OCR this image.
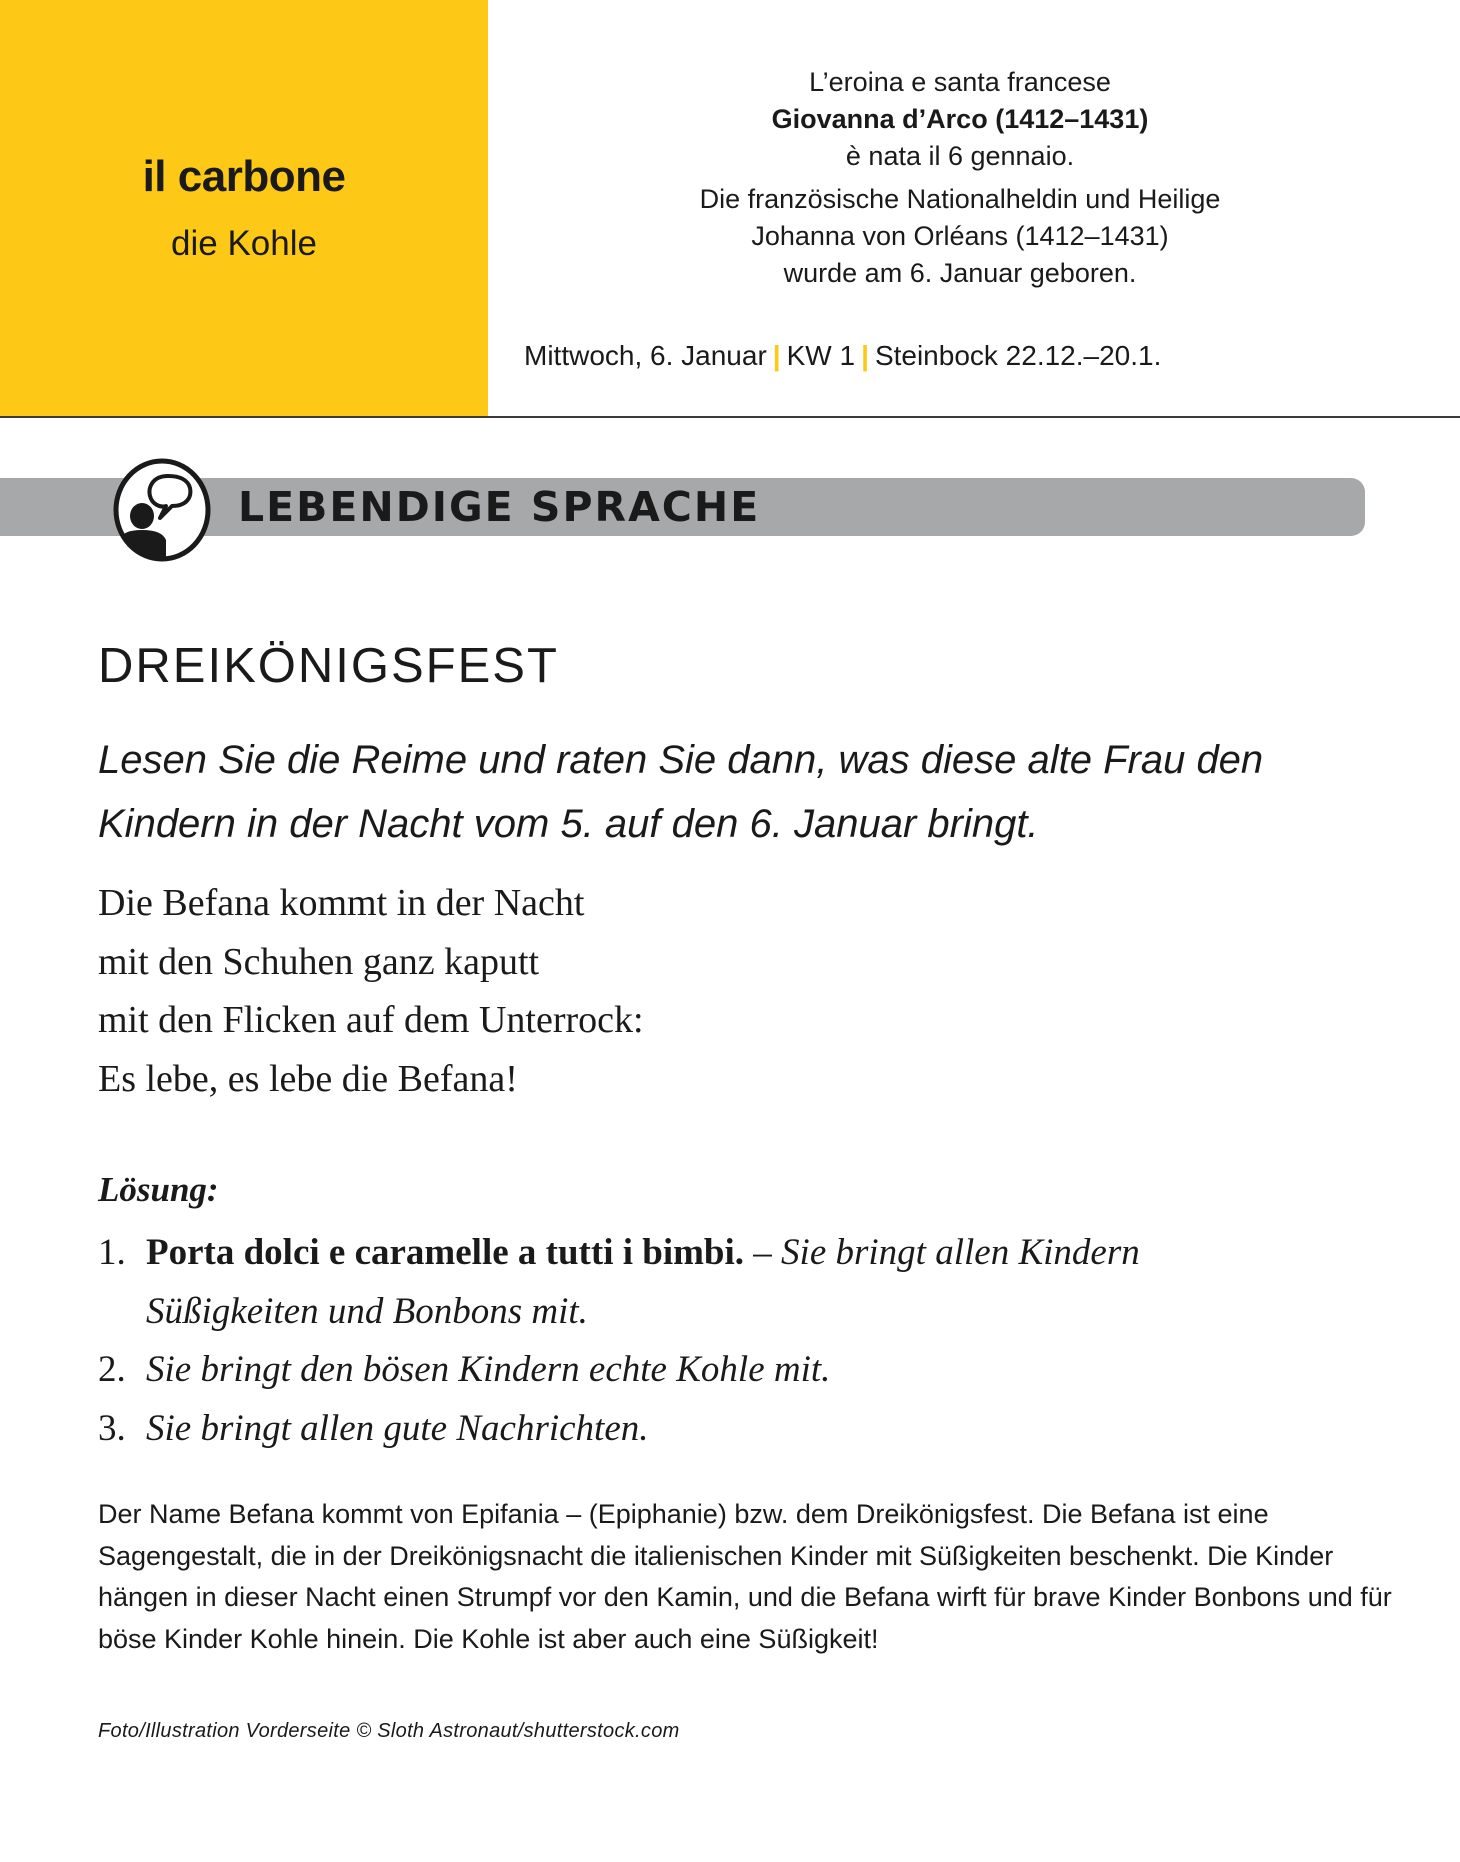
il carbone
die Kohle
L’eroina e santa francese
Giovanna d’Arco (1412–1431)
è nata il 6 gennaio.
Die französische Nationalheldin und Heilige
Johanna von Orléans (1412–1431)
wurde am 6. Januar geboren.
Mittwoch, 6. Januar | KW 1 | Steinbock 22.12.–20.1.
LEBENDIGE SPRACHE
DREIKÖNIGSFEST
Lesen Sie die Reime und raten Sie dann, was diese alte Frau den Kindern in der Nacht vom 5. auf den 6. Januar bringt.
Die Befana kommt in der Nacht
mit den Schuhen ganz kaputt
mit den Flicken auf dem Unterrock:
Es lebe, es lebe die Befana!
Lösung:
1. Porta dolci e caramelle a tutti i bimbi. – Sie bringt allen Kindern Süßigkeiten und Bonbons mit.
2. Sie bringt den bösen Kindern echte Kohle mit.
3. Sie bringt allen gute Nachrichten.
Der Name Befana kommt von Epifania – (Epiphanie) bzw. dem Dreikönigsfest. Die Befana ist eine Sagengestalt, die in der Dreikönigsnacht die italienischen Kinder mit Süßigkeiten beschenkt. Die Kinder hängen in dieser Nacht einen Strumpf vor den Kamin, und die Befana wirft für brave Kinder Bonbons und für böse Kinder Kohle hinein. Die Kohle ist aber auch eine Süßigkeit!
Foto/Illustration Vorderseite © Sloth Astronaut/shutterstock.com
